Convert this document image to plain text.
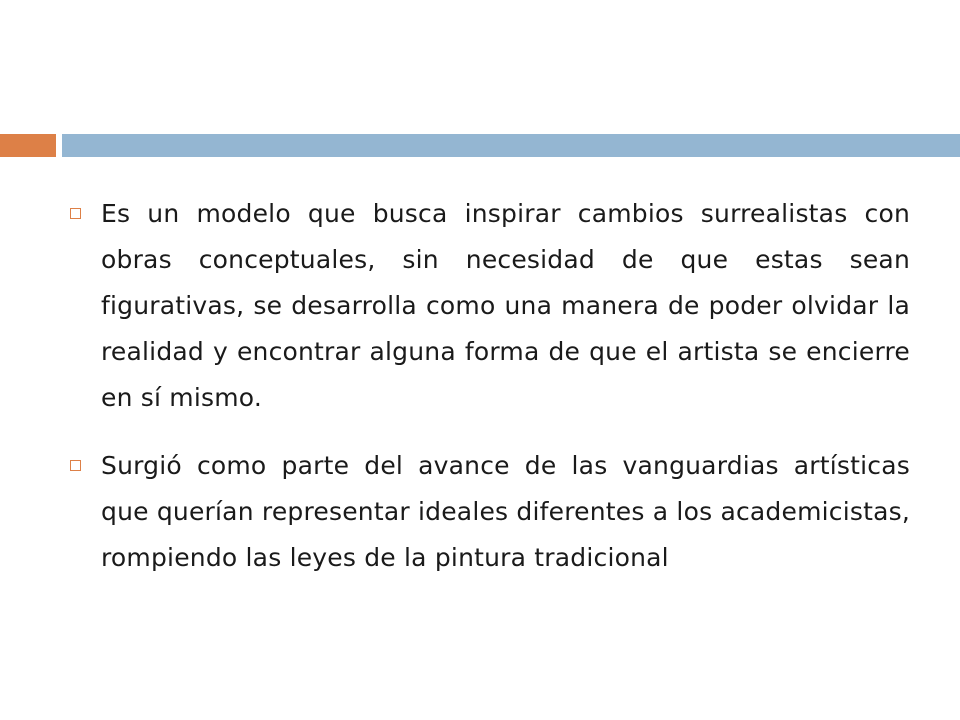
Es un modelo que busca inspirar cambios surrealistas con obras conceptuales, sin necesidad de que estas sean figurativas, se desarrolla como una manera de poder olvidar la realidad y encontrar alguna forma de que el artista se encierre en sí mismo.
Surgió como parte del avance de las vanguardias artísticas que querían representar ideales diferentes a los academicistas, rompiendo las leyes de la pintura tradicional
